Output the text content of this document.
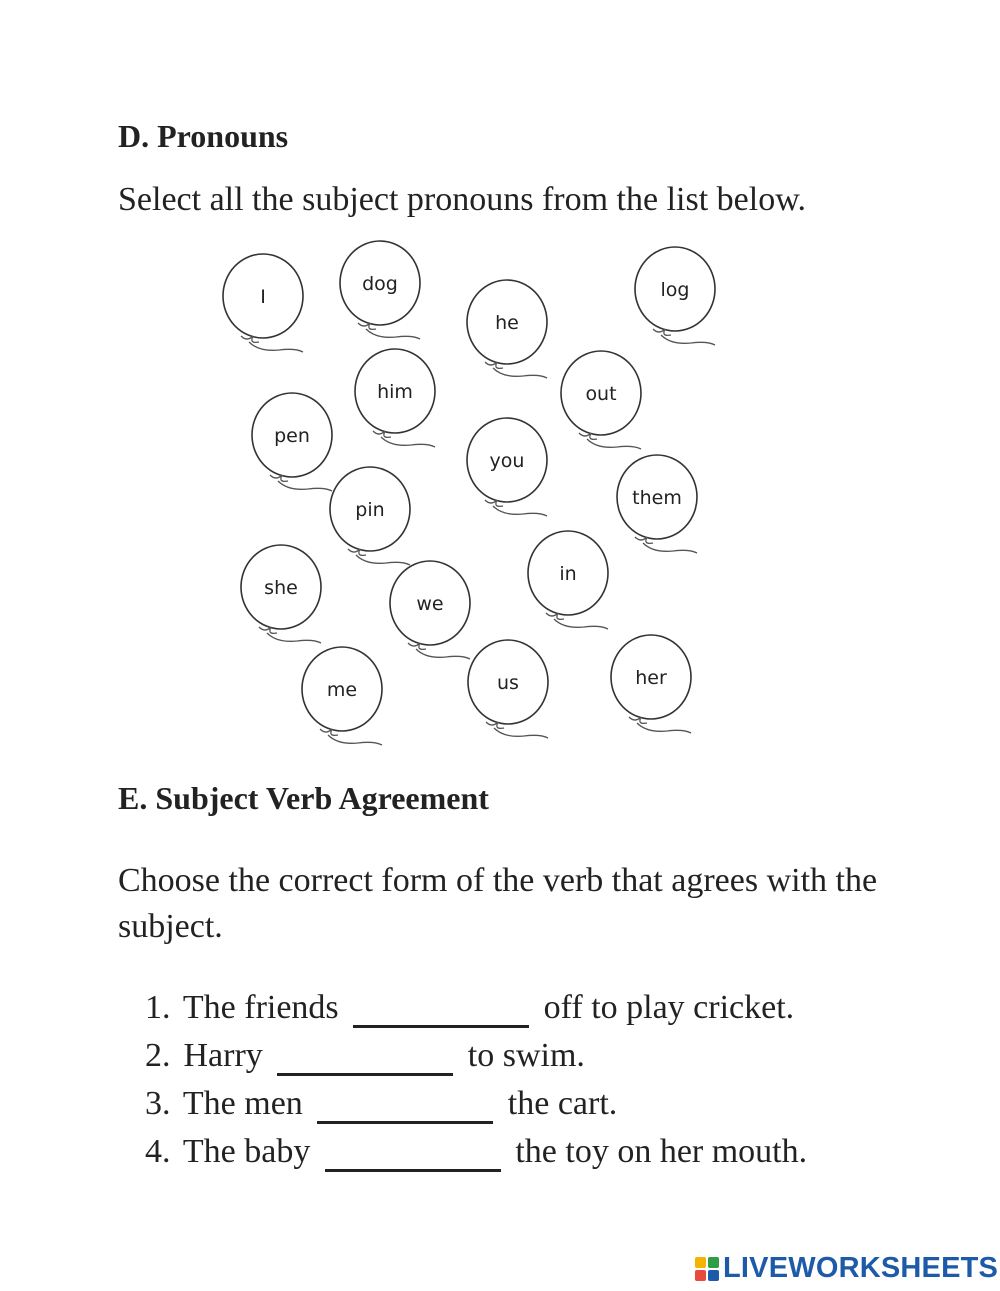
D. Pronouns

Select all the subject pronouns from the list below.

I
dog
he
log
him	out
pen
you
them
pin
she
we
in
me	us	her
E. Subject Verb Agreement

Choose the correct form of the verb that agrees with the subject.

1. The friends	off to play cricket.
2. Harry	to swim.
3. The men	the cart.
4. The baby	the toy on her mouth.
LIVEWORKSHEETS
